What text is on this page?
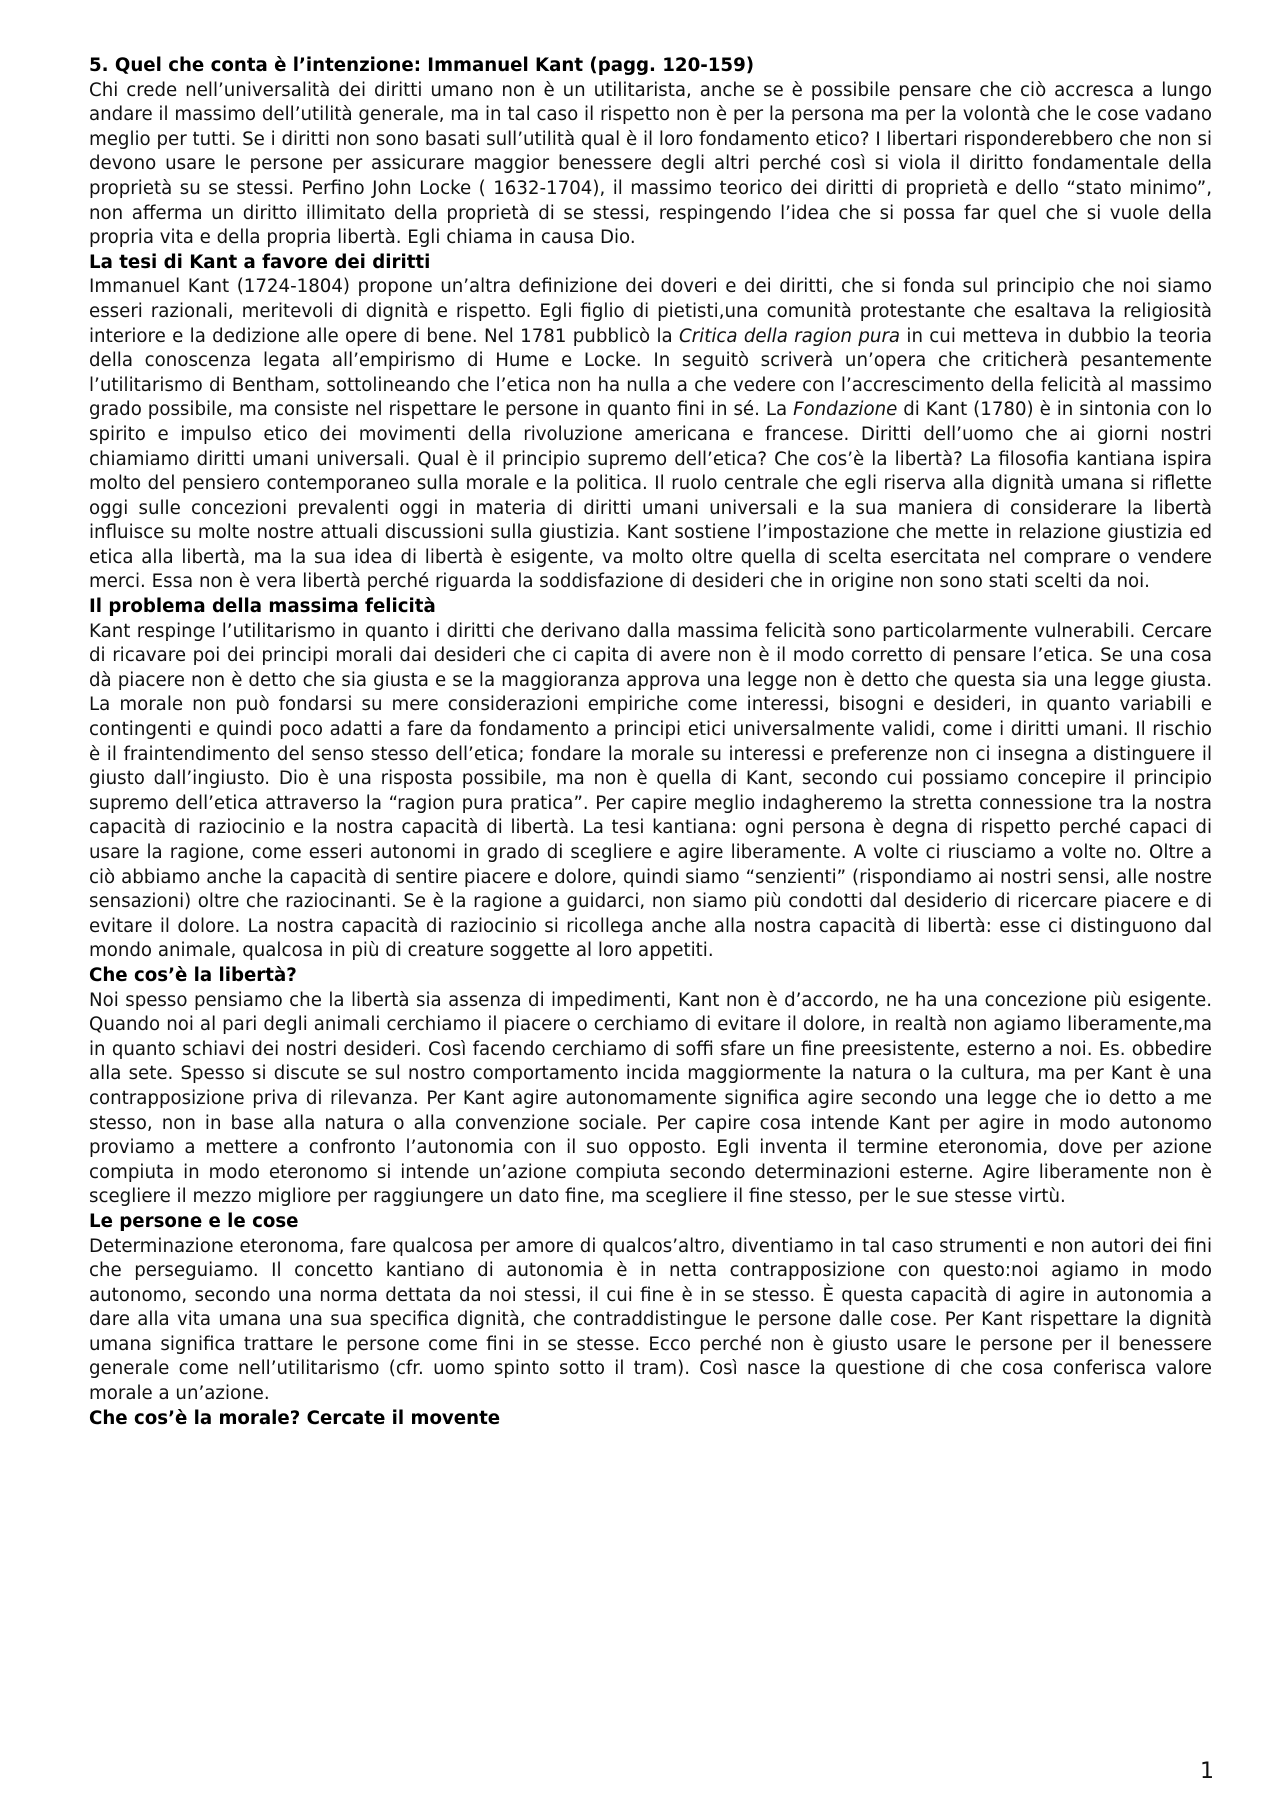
5. Quel che conta è l’intenzione: Immanuel Kant (pagg. 120-159)

Chi crede nell’universalità dei diritti umano non è un utilitarista, anche se è possibile pensare che ciò accresca a lungo andare il massimo dell’utilità generale, ma in tal caso il rispetto non è per la persona ma per la volontà che le cose vadano meglio per tutti. Se i diritti non sono basati sull’utilità qual è il loro fondamento etico? I libertari risponderebbero che non si devono usare le persone per assicurare maggior benessere degli altri perché così si viola il diritto fondamentale della proprietà su se stessi. Perfino John Locke ( 1632-1704), il massimo teorico dei diritti di proprietà e dello “stato minimo”, non afferma un diritto illimitato della proprietà di se stessi, respingendo l’idea che si possa far quel che si vuole della propria vita e della propria libertà. Egli chiama in causa Dio.

La tesi di Kant a favore dei diritti

Immanuel Kant (1724-1804) propone un’altra definizione dei doveri e dei diritti, che si fonda sul principio che noi siamo esseri razionali, meritevoli di dignità e rispetto. Egli figlio di pietisti,una comunità protestante che esaltava la religiosità interiore e la dedizione alle opere di bene. Nel 1781 pubblicò la Critica della ragion pura in cui metteva in dubbio la teoria della conoscenza legata all’empirismo di Hume e Locke. In seguitò scriverà un’opera che criticherà pesantemente l’utilitarismo di Bentham, sottolineando che l’etica non ha nulla a che vedere con l’accrescimento della felicità al massimo grado possibile, ma consiste nel rispettare le persone in quanto fini in sé. La Fondazione di Kant (1780) è in sintonia con lo spirito e impulso etico dei movimenti della rivoluzione americana e francese. Diritti dell’uomo che ai giorni nostri chiamiamo diritti umani universali. Qual è il principio supremo dell’etica? Che cos’è la libertà? La filosofia kantiana ispira molto del pensiero contemporaneo sulla morale e la politica. Il ruolo centrale che egli riserva alla dignità umana si riflette oggi sulle concezioni prevalenti oggi in materia di diritti umani universali e la sua maniera di considerare la libertà influisce su molte nostre attuali discussioni sulla giustizia. Kant sostiene l’impostazione che mette in relazione giustizia ed etica alla libertà, ma la sua idea di libertà è esigente, va molto oltre quella di scelta esercitata nel comprare o vendere merci. Essa non è vera libertà perché riguarda la soddisfazione di desideri che in origine non sono stati scelti da noi.

Il problema della massima felicità

Kant respinge l’utilitarismo in quanto i diritti che derivano dalla massima felicità sono particolarmente vulnerabili. Cercare di ricavare poi dei principi morali dai desideri che ci capita di avere non è il modo corretto di pensare l’etica. Se una cosa dà piacere non è detto che sia giusta e se la maggioranza approva una legge non è detto che questa sia una legge giusta. La morale non può fondarsi su mere considerazioni empiriche come interessi, bisogni e desideri, in quanto variabili e contingenti e quindi poco adatti a fare da fondamento a principi etici universalmente validi, come i diritti umani. Il rischio è il fraintendimento del senso stesso dell’etica; fondare la morale su interessi e preferenze non ci insegna a distinguere il giusto dall’ingiusto. Dio è una risposta possibile, ma non è quella di Kant, secondo cui possiamo concepire il principio supremo dell’etica attraverso la “ragion pura pratica”. Per capire meglio indagheremo la stretta connessione tra la nostra capacità di raziocinio e la nostra capacità di libertà. La tesi kantiana: ogni persona è degna di rispetto perché capaci di usare la ragione, come esseri autonomi in grado di scegliere e agire liberamente. A volte ci riusciamo a volte no. Oltre a ciò abbiamo anche la capacità di sentire piacere e dolore, quindi siamo “senzienti” (rispondiamo ai nostri sensi, alle nostre sensazioni) oltre che raziocinanti. Se è la ragione a guidarci, non siamo più condotti dal desiderio di ricercare piacere e di evitare il dolore. La nostra capacità di raziocinio si ricollega anche alla nostra capacità di libertà: esse ci distinguono dal mondo animale, qualcosa in più di creature soggette al loro appetiti.

Che cos’è la libertà?

Noi spesso pensiamo che la libertà sia assenza di impedimenti, Kant non è d’accordo, ne ha una concezione più esigente. Quando noi al pari degli animali cerchiamo il piacere o cerchiamo di evitare il dolore, in realtà non agiamo liberamente,ma in quanto schiavi dei nostri desideri. Così facendo cerchiamo di soffi sfare un fine preesistente, esterno a noi. Es. obbedire alla sete. Spesso si discute se sul nostro comportamento incida maggiormente la natura o la cultura, ma per Kant è una contrapposizione priva di rilevanza. Per Kant agire autonomamente significa agire secondo una legge che io detto a me stesso, non in base alla natura o alla convenzione sociale. Per capire cosa intende Kant per agire in modo autonomo proviamo a mettere a confronto l’autonomia con il suo opposto. Egli inventa il termine eteronomia, dove per azione compiuta in modo eteronomo si intende un’azione compiuta secondo determinazioni esterne. Agire liberamente non è scegliere il mezzo migliore per raggiungere un dato fine, ma scegliere il fine stesso, per le sue stesse virtù.

Le persone e le cose

Determinazione eteronoma, fare qualcosa per amore di qualcos’altro, diventiamo in tal caso strumenti e non autori dei fini che perseguiamo. Il concetto kantiano di autonomia è in netta contrapposizione con questo:noi agiamo in modo autonomo, secondo una norma dettata da noi stessi, il cui fine è in se stesso. È questa capacità di agire in autonomia a dare alla vita umana una sua specifica dignità, che contraddistingue le persone dalle cose. Per Kant rispettare la dignità umana significa trattare le persone come fini in se stesse. Ecco perché non è giusto usare le persone per il benessere generale come nell’utilitarismo (cfr. uomo spinto sotto il tram). Così nasce la questione di che cosa conferisca valore morale a un’azione.

Che cos’è la morale? Cercate il movente
1
